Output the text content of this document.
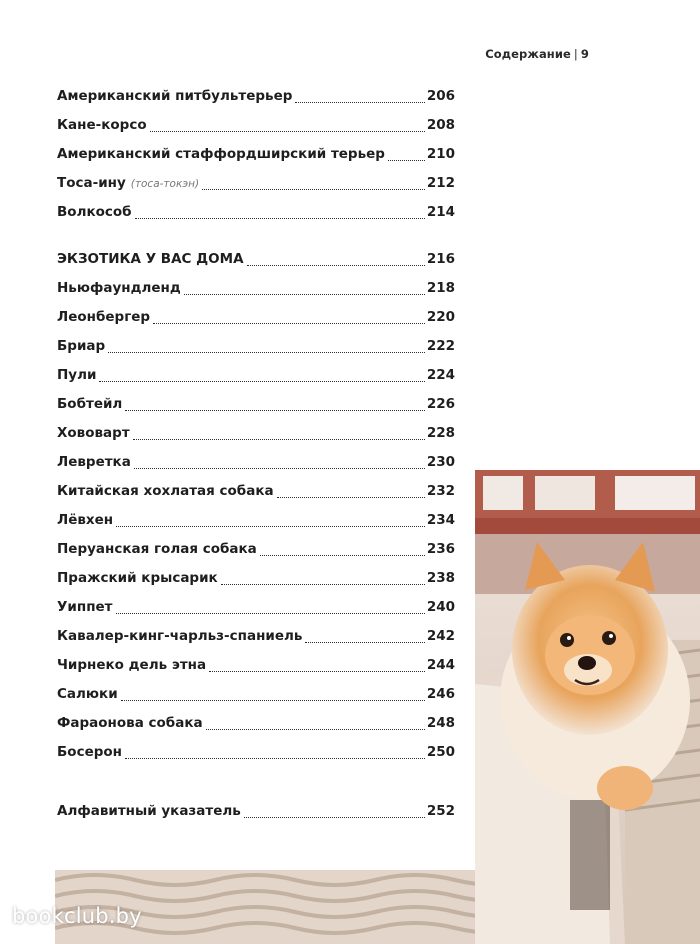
Содержание | 9
Американский питбультерьер	206
Кане-корсо	208
Американский стаффордширский терьер	210
Тоса-ину (тоса-токэн)	212
Волкособ	214
ЭКЗОТИКА У ВАС ДОМА	216
Ньюфаундленд	218
Леонбергер	220
Бриар	222
Пули	224
Бобтейл	226
Хововарт	228
Левретка	230
Китайская хохлатая собака	232
Лёвхен	234
Перуанская голая собака	236
Пражский крысарик	238
Уиппет	240
Кавалер-кинг-чарльз-спаниель	242
Чирнеко дель этна	244
Салюки	246
Фараонова собака	248
Босерон	250
Алфавитный указатель	252
bookclub.by
